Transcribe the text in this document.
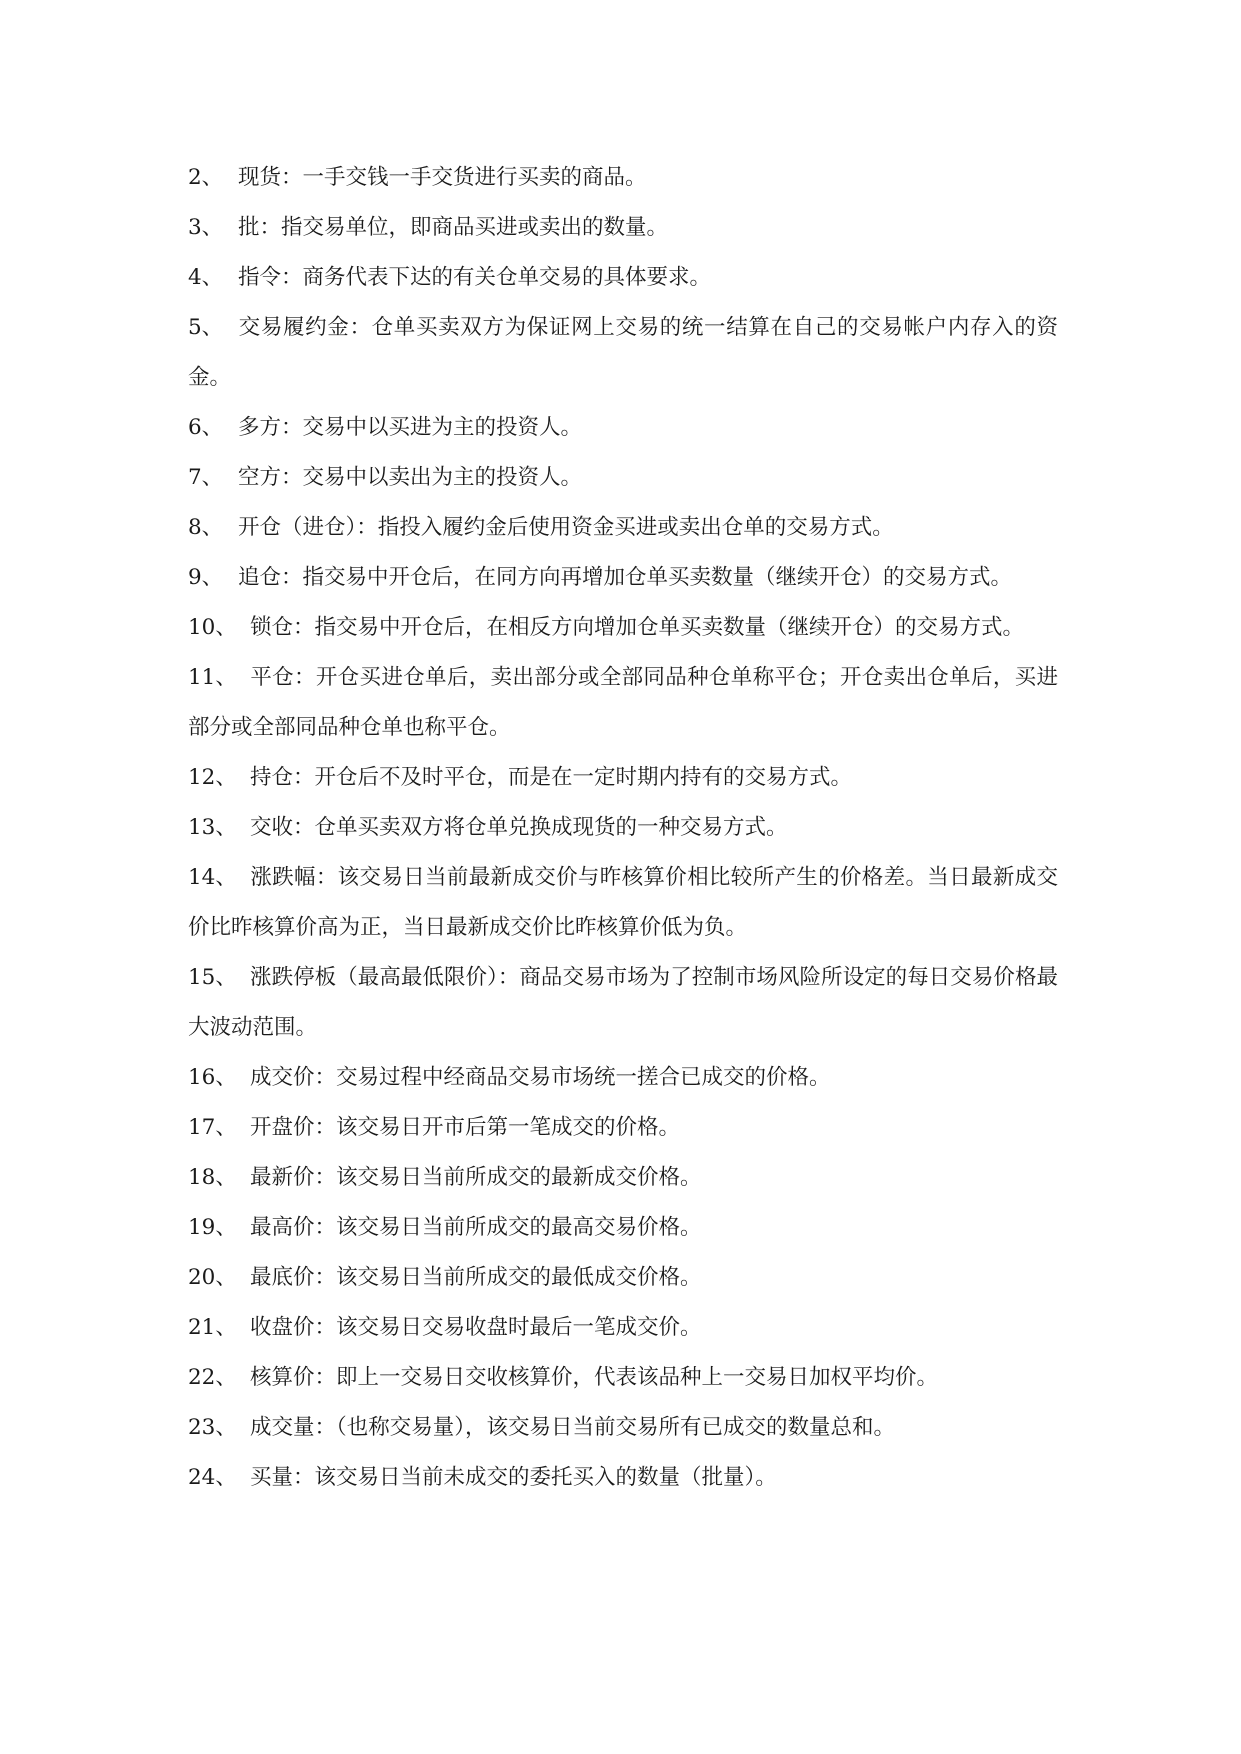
2、 现货：一手交钱一手交货进行买卖的商品。
3、 批：指交易单位，即商品买进或卖出的数量。
4、 指令：商务代表下达的有关仓单交易的具体要求。
5、 交易履约金：仓单买卖双方为保证网上交易的统一结算在自己的交易帐户内存入的资金。
6、 多方：交易中以买进为主的投资人。
7、 空方：交易中以卖出为主的投资人。
8、 开仓（进仓）：指投入履约金后使用资金买进或卖出仓单的交易方式。
9、 追仓：指交易中开仓后，在同方向再增加仓单买卖数量（继续开仓）的交易方式。
10、 锁仓：指交易中开仓后，在相反方向增加仓单买卖数量（继续开仓）的交易方式。
11、 平仓：开仓买进仓单后，卖出部分或全部同品种仓单称平仓；开仓卖出仓单后，买进部分或全部同品种仓单也称平仓。
12、 持仓：开仓后不及时平仓，而是在一定时期内持有的交易方式。
13、 交收：仓单买卖双方将仓单兑换成现货的一种交易方式。
14、 涨跌幅：该交易日当前最新成交价与昨核算价相比较所产生的价格差。当日最新成交价比昨核算价高为正，当日最新成交价比昨核算价低为负。
15、 涨跌停板（最高最低限价）：商品交易市场为了控制市场风险所设定的每日交易价格最大波动范围。
16、 成交价：交易过程中经商品交易市场统一搓合已成交的价格。
17、 开盘价：该交易日开市后第一笔成交的价格。
18、 最新价：该交易日当前所成交的最新成交价格。
19、 最高价：该交易日当前所成交的最高交易价格。
20、 最底价：该交易日当前所成交的最低成交价格。
21、 收盘价：该交易日交易收盘时最后一笔成交价。
22、 核算价：即上一交易日交收核算价，代表该品种上一交易日加权平均价。
23、 成交量：（也称交易量），该交易日当前交易所有已成交的数量总和。
24、 买量：该交易日当前未成交的委托买入的数量（批量）。
